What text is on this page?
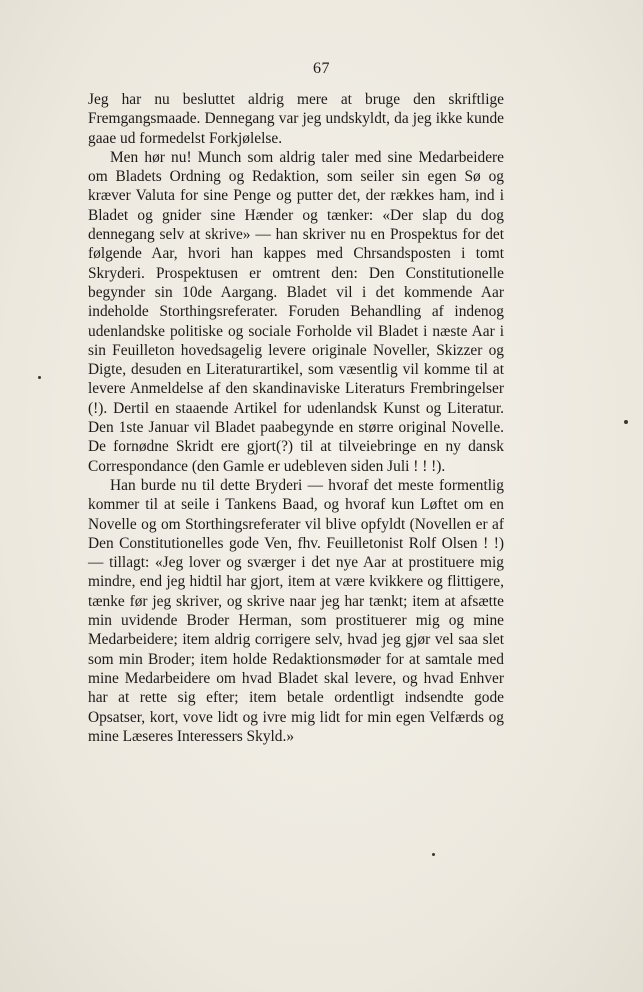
67

Jeg har nu besluttet aldrig mere at bruge den skriftlige Fremgangsmaade. Dennegang var jeg undskyldt, da jeg ikke kunde gaae ud formedelst Forkjølelse.

Men hør nu! Munch som aldrig taler med sine Medarbeidere om Bladets Ordning og Redaktion, som seiler sin egen Sø og kræver Valuta for sine Penge og putter det, der rækkes ham, ind i Bladet og gnider sine Hænder og tænker: «Der slap du dog dennegang selv at skrive» — han skriver nu en Prospektus for det følgende Aar, hvori han kappes med Chrsandsposten i tomt Skryderi. Prospektusen er omtrent den: Den Constitutionelle begynder sin 10de Aargang. Bladet vil i det kommende Aar indeholde Storthingsreferater. Foruden Behandling af indenog udenlandske politiske og sociale Forholde vil Bladet i næste Aar i sin Feuilleton hovedsagelig levere originale Noveller, Skizzer og Digte, desuden en Literaturartikel, som væsentlig vil komme til at levere Anmeldelse af den skandinaviske Literaturs Frembringelser (!). Dertil en staaende Artikel for udenlandsk Kunst og Literatur. Den 1ste Januar vil Bladet paabegynde en større original Novelle. De fornødne Skridt ere gjort(?) til at tilveiebringe en ny dansk Correspondance (den Gamle er udebleven siden Juli ! ! !).

Han burde nu til dette Bryderi — hvoraf det meste formentlig kommer til at seile i Tankens Baad, og hvoraf kun Løftet om en Novelle og om Storthingsreferater vil blive opfyldt (Novellen er af Den Constitutionelles gode Ven, fhv. Feuilletonist Rolf Olsen ! !) — tillagt: «Jeg lover og sværger i det nye Aar at prostituere mig mindre, end jeg hidtil har gjort, item at være kvikkere og flittigere, tænke før jeg skriver, og skrive naar jeg har tænkt; item at afsætte min uvidende Broder Herman, som prostituerer mig og mine Medarbeidere; item aldrig corrigere selv, hvad jeg gjør vel saa slet som min Broder; item holde Redaktionsmøder for at samtale med mine Medarbeidere om hvad Bladet skal levere, og hvad Enhver har at rette sig efter; item betale ordentligt indsendte gode Opsatser, kort, vove lidt og ivre mig lidt for min egen Velfærds og mine Læseres Interessers Skyld.»
